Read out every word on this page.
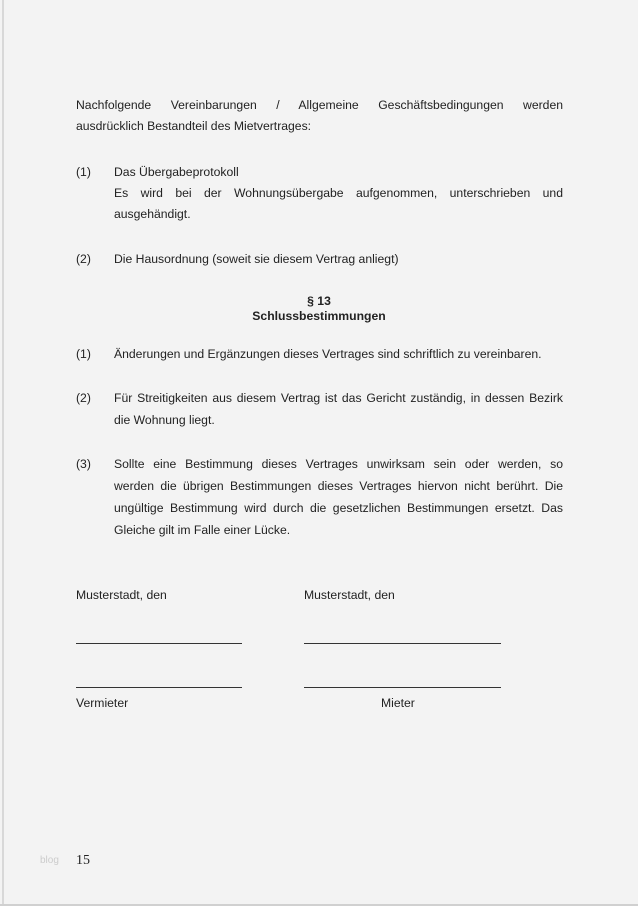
Nachfolgende Vereinbarungen / Allgemeine Geschäftsbedingungen werden
ausdrücklich Bestandteil des Mietvertrages:
(1) Das Übergabeprotokoll
Es wird bei der Wohnungsübergabe aufgenommen, unterschrieben und
ausgehändigt.
(2) Die Hausordnung (soweit sie diesem Vertrag anliegt)
§ 13
Schlussbestimmungen
(1) Änderungen und Ergänzungen dieses Vertrages sind schriftlich zu vereinbaren.
(2) Für Streitigkeiten aus diesem Vertrag ist das Gericht zuständig, in dessen Bezirk
die Wohnung liegt.
(3) Sollte eine Bestimmung dieses Vertrages unwirksam sein oder werden, so
werden die übrigen Bestimmungen dieses Vertrages hiervon nicht berührt. Die
ungültige Bestimmung wird durch die gesetzlichen Bestimmungen ersetzt. Das
Gleiche gilt im Falle einer Lücke.
Musterstadt, den	Musterstadt, den
Vermieter	Mieter
blog 15
